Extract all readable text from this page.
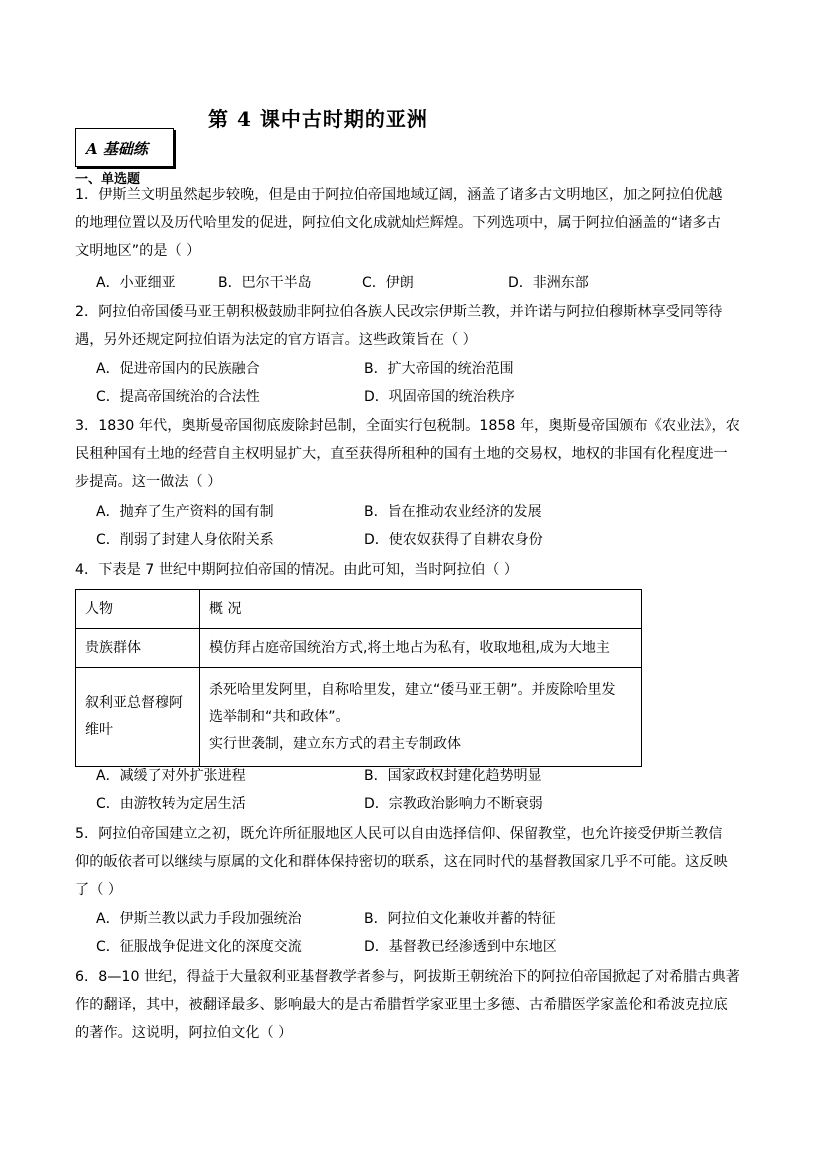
第 4 课中古时期的亚洲
A 基础练
一、单选题
1．伊斯兰文明虽然起步较晚，但是由于阿拉伯帝国地域辽阔，涵盖了诸多古文明地区，加之阿拉伯优越
的地理位置以及历代哈里发的促进，阿拉伯文化成就灿烂辉煌。下列选项中，属于阿拉伯涵盖的“诸多古
文明地区”的是（ ）
A．小亚细亚	B．巴尔干半岛	C．伊朗	D．非洲东部
2．阿拉伯帝国倭马亚王朝积极鼓励非阿拉伯各族人民改宗伊斯兰教，并许诺与阿拉伯穆斯林享受同等待
遇，另外还规定阿拉伯语为法定的官方语言。这些政策旨在（ ）
A．促进帝国内的民族融合	B．扩大帝国的统治范围
C．提高帝国统治的合法性	D．巩固帝国的统治秩序
3．1830 年代，奥斯曼帝国彻底废除封邑制，全面实行包税制。1858 年，奥斯曼帝国颁布《农业法》，农
民租种国有土地的经营自主权明显扩大，直至获得所租种的国有土地的交易权，地权的非国有化程度进一
步提高。这一做法（ ）
A．抛弃了生产资料的国有制	B．旨在推动农业经济的发展
C．削弱了封建人身依附关系	D．使农奴获得了自耕农身份
4．下表是 7 世纪中期阿拉伯帝国的情况。由此可知，当时阿拉伯（ ）
人物	概 况
贵族群体	模仿拜占庭帝国统治方式,将土地占为私有，收取地租,成为大地主
叙利亚总督穆阿维叶	杀死哈里发阿里，自称哈里发，建立“倭马亚王朝”。并废除哈里发
选举制和“共和政体”。
实行世袭制，建立东方式的君主专制政体
A．减缓了对外扩张进程	B．国家政权封建化趋势明显
C．由游牧转为定居生活	D．宗教政治影响力不断衰弱
5．阿拉伯帝国建立之初，既允许所征服地区人民可以自由选择信仰、保留教堂，也允许接受伊斯兰教信
仰的皈依者可以继续与原属的文化和群体保持密切的联系，这在同时代的基督教国家几乎不可能。这反映
了（ ）
A．伊斯兰教以武力手段加强统治	B．阿拉伯文化兼收并蓄的特征
C．征服战争促进文化的深度交流	D．基督教已经渗透到中东地区
6．8—10 世纪，得益于大量叙利亚基督教学者参与，阿拔斯王朝统治下的阿拉伯帝国掀起了对希腊古典著
作的翻译，其中，被翻译最多、影响最大的是古希腊哲学家亚里士多德、古希腊医学家盖伦和希波克拉底
的著作。这说明，阿拉伯文化（ ）
